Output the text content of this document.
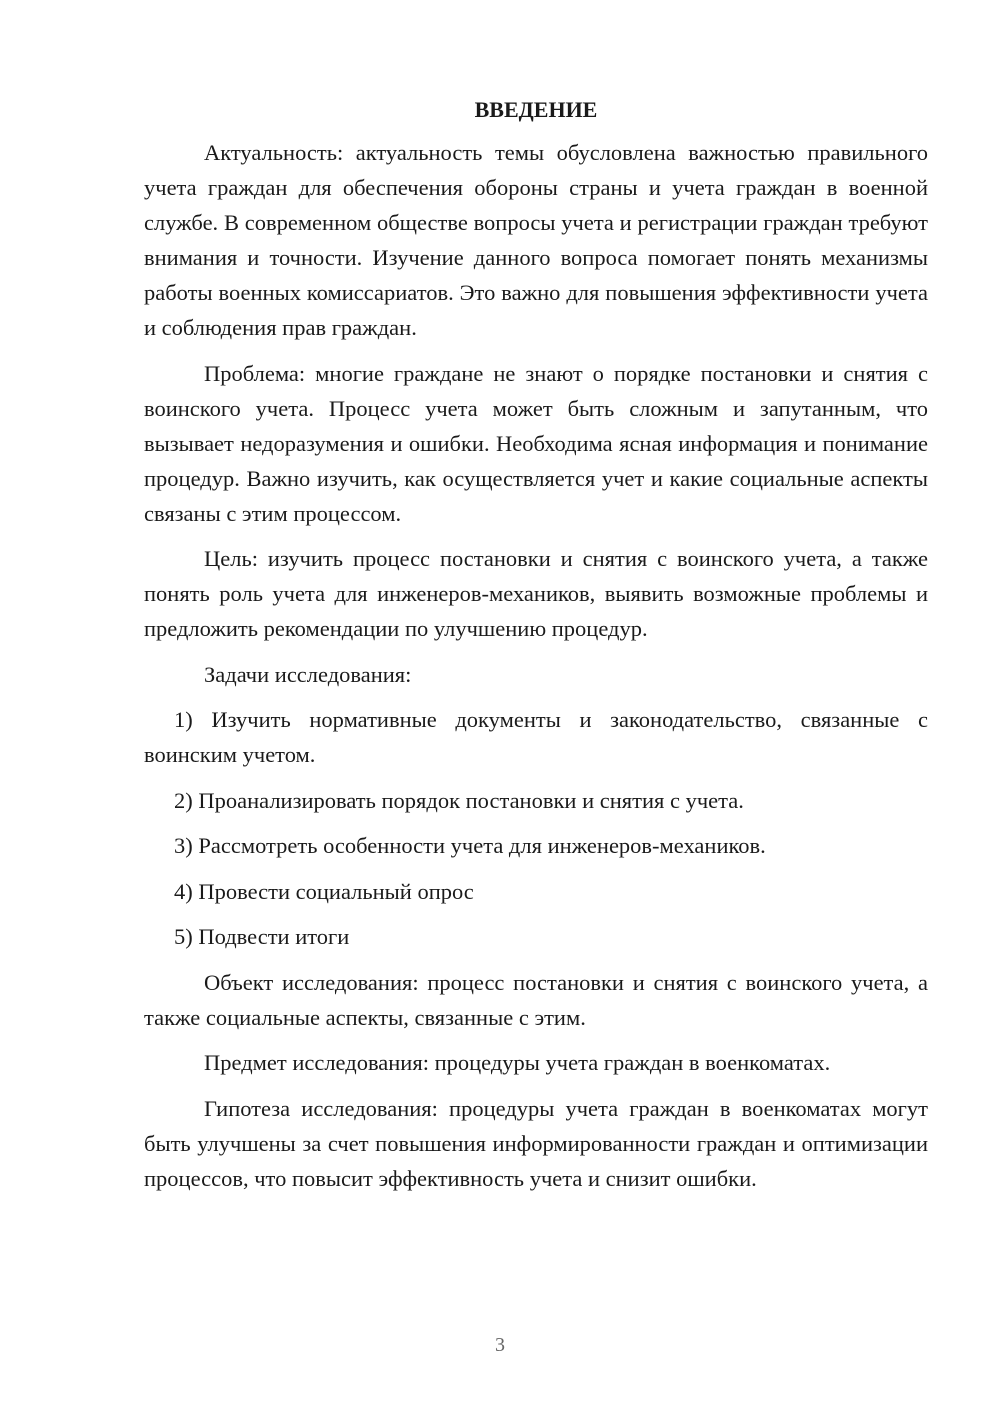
ВВЕДЕНИЕ

Актуальность: актуальность темы обусловлена важностью правильного учета граждан для обеспечения обороны страны и учета граждан в военной службе. В современном обществе вопросы учета и регистрации граждан требуют внимания и точности. Изучение данного вопроса помогает понять механизмы работы военных комиссариатов. Это важно для повышения эффективности учета и соблюдения прав граждан.

Проблема: многие граждане не знают о порядке постановки и снятия с воинского учета. Процесс учета может быть сложным и запутанным, что вызывает недоразумения и ошибки. Необходима ясная информация и понимание процедур. Важно изучить, как осуществляется учет и какие социальные аспекты связаны с этим процессом.

Цель: изучить процесс постановки и снятия с воинского учета, а также понять роль учета для инженеров-механиков, выявить возможные проблемы и предложить рекомендации по улучшению процедур.

Задачи исследования:

1) Изучить нормативные документы и законодательство, связанные с воинским учетом.

2) Проанализировать порядок постановки и снятия с учета.

3) Рассмотреть особенности учета для инженеров-механиков.

4) Провести социальный опрос

5) Подвести итоги

Объект исследования: процесс постановки и снятия с воинского учета, а также социальные аспекты, связанные с этим.

Предмет исследования: процедуры учета граждан в военкоматах.

Гипотеза исследования: процедуры учета граждан в военкоматах могут быть улучшены за счет повышения информированности граждан и оптимизации процессов, что повысит эффективность учета и снизит ошибки.

3
